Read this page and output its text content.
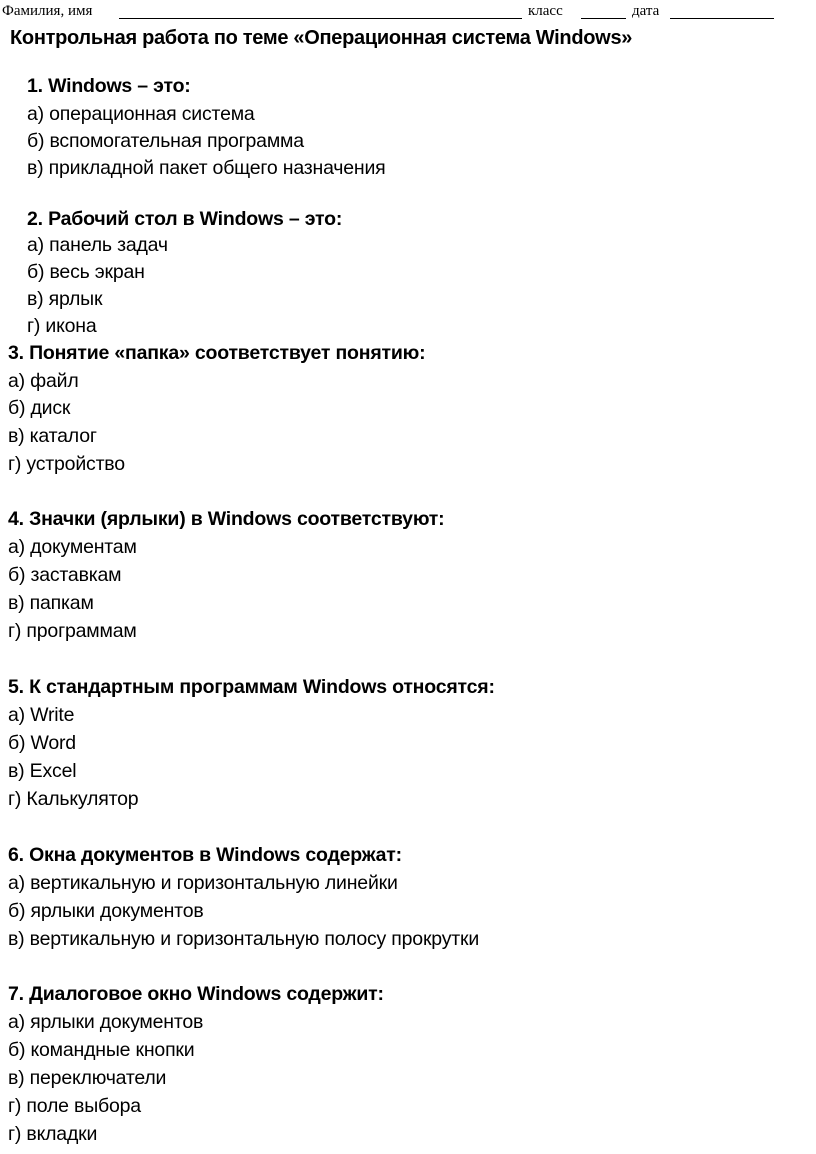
Фамилия, имя	класс	дата
Контрольная работа по теме «Операционная система Windows»
1. Windows – это:
а) операционная система
б) вспомогательная программа
в) прикладной пакет общего назначения
2. Рабочий стол в Windows – это:
а) панель задач
б) весь экран
в) ярлык
г) икона
3. Понятие «папка» соответствует понятию:
а) файл
б) диск
в) каталог
г) устройство
4. Значки (ярлыки) в Windows соответствуют:
а) документам
б) заставкам
в) папкам
г) программам
5. К стандартным программам Windows относятся:
а) Write
б) Word
в) Excel
г) Калькулятор
6. Окна документов в Windows содержат:
а) вертикальную и горизонтальную линейки
б) ярлыки документов
в) вертикальную и горизонтальную полосу прокрутки
7. Диалоговое окно Windows содержит:
а) ярлыки документов
б) командные кнопки
в) переключатели
г) поле выбора
г) вкладки
